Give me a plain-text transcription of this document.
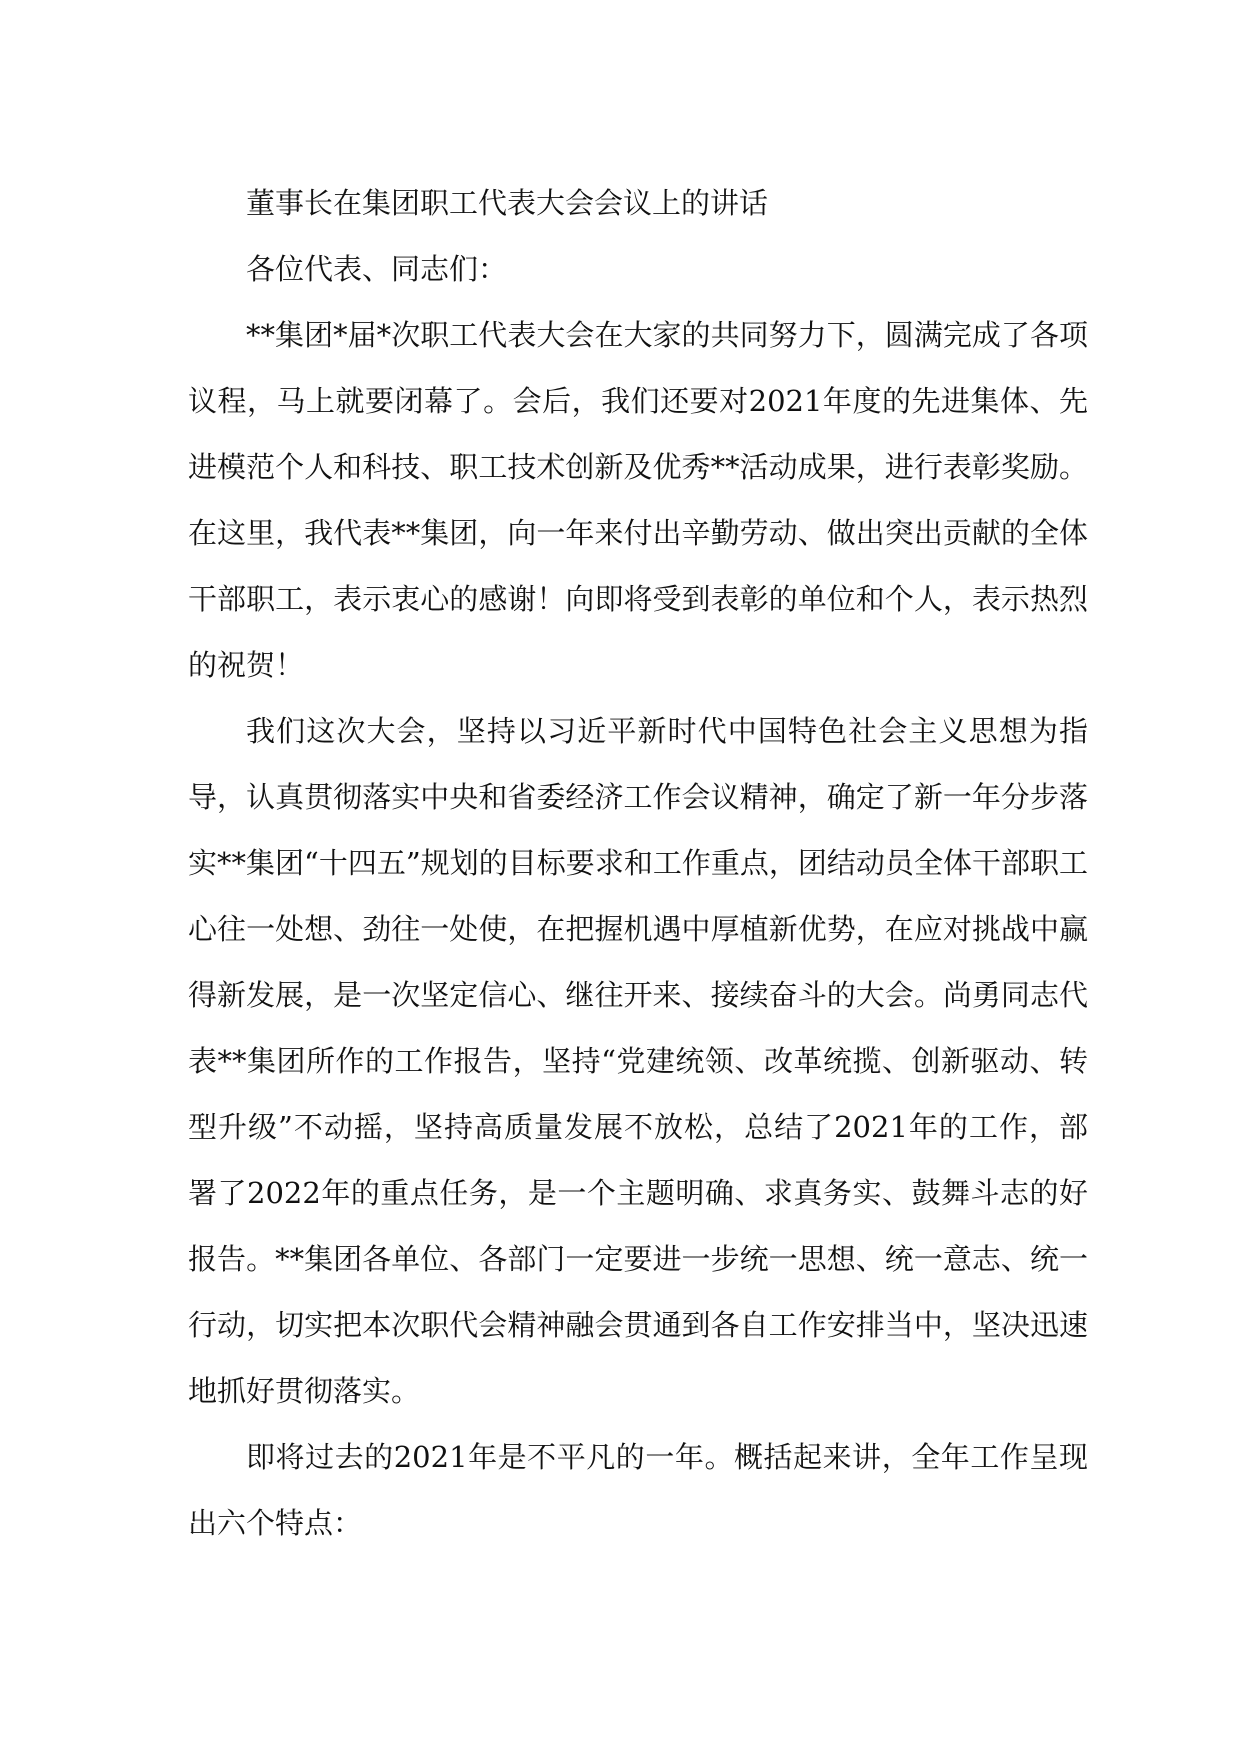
董事长在集团职工代表大会会议上的讲话

各位代表、同志们：

**集团*届*次职工代表大会在大家的共同努力下，圆满完成了各项议程，马上就要闭幕了。会后，我们还要对2021年度的先进集体、先进模范个人和科技、职工技术创新及优秀**活动成果，进行表彰奖励。在这里，我代表**集团，向一年来付出辛勤劳动、做出突出贡献的全体干部职工，表示衷心的感谢！向即将受到表彰的单位和个人，表示热烈的祝贺！

我们这次大会，坚持以习近平新时代中国特色社会主义思想为指导，认真贯彻落实中央和省委经济工作会议精神，确定了新一年分步落实**集团“十四五”规划的目标要求和工作重点，团结动员全体干部职工心往一处想、劲往一处使，在把握机遇中厚植新优势，在应对挑战中赢得新发展，是一次坚定信心、继往开来、接续奋斗的大会。尚勇同志代表**集团所作的工作报告，坚持“党建统领、改革统揽、创新驱动、转型升级”不动摇，坚持高质量发展不放松，总结了2021年的工作，部署了2022年的重点任务，是一个主题明确、求真务实、鼓舞斗志的好报告。**集团各单位、各部门一定要进一步统一思想、统一意志、统一行动，切实把本次职代会精神融会贯通到各自工作安排当中，坚决迅速地抓好贯彻落实。

即将过去的2021年是不平凡的一年。概括起来讲，全年工作呈现出六个特点：
